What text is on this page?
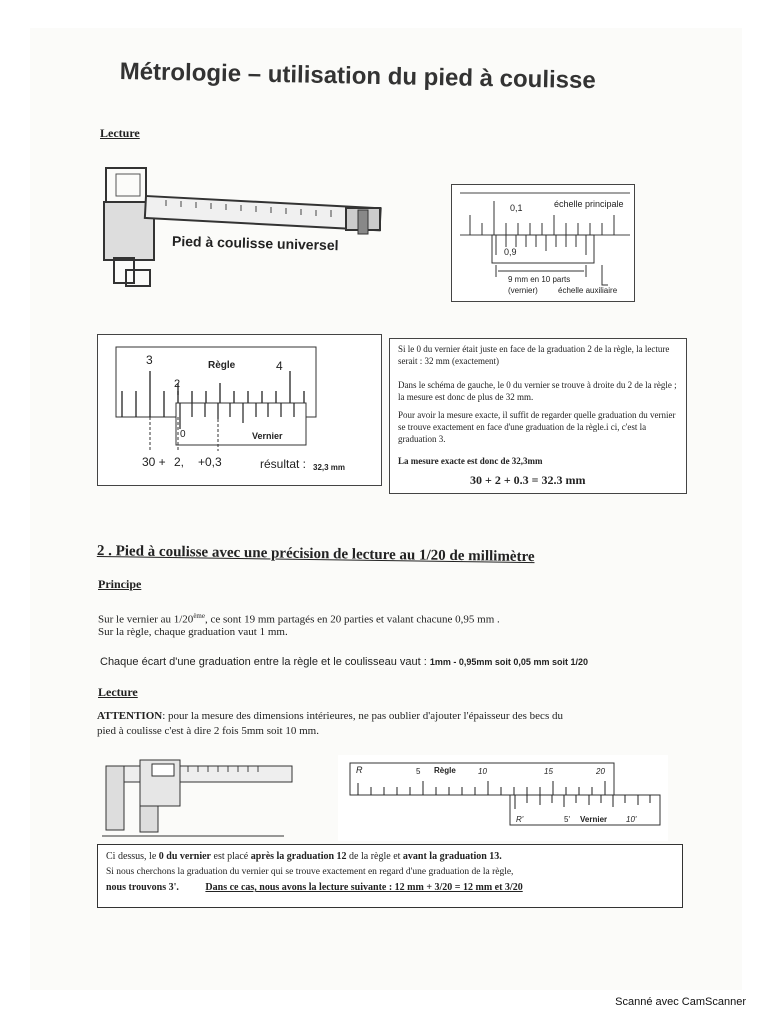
Métrologie – utilisation du pied à coulisse
Lecture
Pied à coulisse universel
0,1	échelle principale
0,9
9 mm en 10 parts
(vernier)	échelle auxiliaire
3	Règle	4
2
0	Vernier
30 + 2, +0,3	résultat : 32,3 mm
Si le 0 du vernier était juste en face de la graduation 2 de la règle, la lecture serait : 32 mm (exactement)
Dans le schéma de gauche, le 0 du vernier se trouve à droite du 2 de la règle ; la mesure est donc de plus de 32 mm.
Pour avoir la mesure exacte, il suffit de regarder quelle graduation du vernier se trouve exactement en face d'une graduation de la règle.i ci, c'est la graduation 3.
La mesure exacte est donc de 32,3mm
30 + 2 + 0.3 = 32.3 mm
2 . Pied à coulisse avec une précision de lecture au 1/20 de millimètre
Principe
Sur le vernier au 1/20ème, ce sont 19 mm partagés en 20 parties et valant chacune 0,95 mm .
Sur la règle, chaque graduation vaut 1 mm.
Chaque écart d'une graduation entre la règle et le coulisseau vaut : 1mm - 0,95mm soit 0,05 mm soit 1/20
Lecture
ATTENTION: pour la mesure des dimensions intérieures, ne pas oublier d'ajouter l'épaisseur des becs du
pied à coulisse c'est à dire 2 fois 5mm soit 10 mm.
R	5 Règle	10	15	20
R'	5' Vernier 10'
Ci dessus, le 0 du vernier est placé après la graduation 12 de la règle et avant la graduation 13.
Si nous cherchons la graduation du vernier qui se trouve exactement en regard d'une graduation de la règle,
nous trouvons 3'.	Dans ce cas, nous avons la lecture suivante : 12 mm + 3/20 = 12 mm et 3/20
Scanné avec CamScanner
